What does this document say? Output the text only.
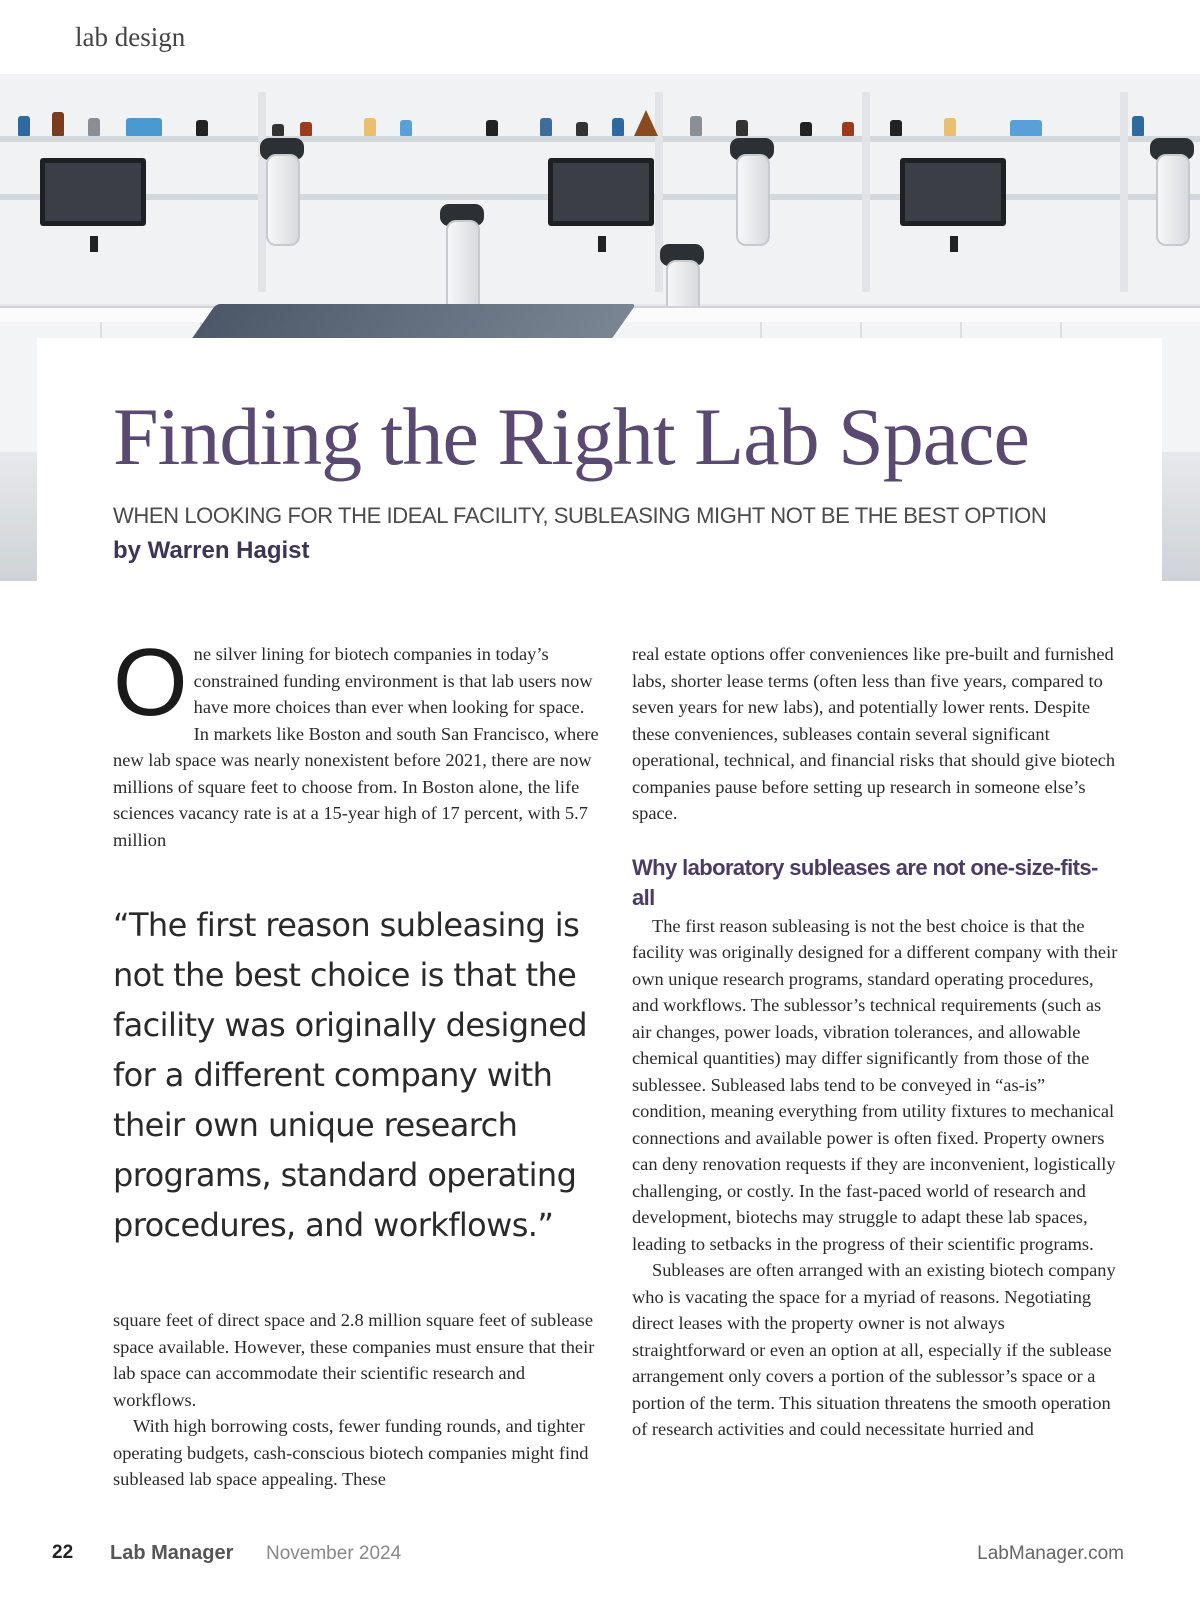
lab design
Finding the Right Lab Space
WHEN LOOKING FOR THE IDEAL FACILITY, SUBLEASING MIGHT NOT BE THE BEST OPTION
by Warren Hagist

One silver lining for biotech companies in today’s constrained funding environment is that lab users now have more choices than ever when looking for space. In markets like Boston and south San Francisco, where new lab space was nearly nonexistent before 2021, there are now millions of square feet to choose from. In Boston alone, the life sciences vacancy rate is at a 15-year high of 17 percent, with 5.7 million

“The first reason subleasing is not the best choice is that the facility was originally designed for a different company with their own unique research programs, standard operating procedures, and workflows.”

square feet of direct space and 2.8 million square feet of sublease space available. However, these companies must ensure that their lab space can accommodate their scientific research and workflows.

With high borrowing costs, fewer funding rounds, and tighter operating budgets, cash-conscious biotech companies might find subleased lab space appealing. These

real estate options offer conveniences like pre-built and furnished labs, shorter lease terms (often less than five years, compared to seven years for new labs), and potentially lower rents. Despite these conveniences, subleases contain several significant operational, technical, and financial risks that should give biotech companies pause before setting up research in someone else’s space.

Why laboratory subleases are not one-size-fits-all

The first reason subleasing is not the best choice is that the facility was originally designed for a different company with their own unique research programs, standard operating procedures, and workflows. The sublessor’s technical requirements (such as air changes, power loads, vibration tolerances, and allowable chemical quantities) may differ significantly from those of the sublessee. Subleased labs tend to be conveyed in “as-is” condition, meaning everything from utility fixtures to mechanical connections and available power is often fixed. Property owners can deny renovation requests if they are inconvenient, logistically challenging, or costly. In the fast-paced world of research and development, biotechs may struggle to adapt these lab spaces, leading to setbacks in the progress of their scientific programs.

Subleases are often arranged with an existing biotech company who is vacating the space for a myriad of reasons. Negotiating direct leases with the property owner is not always straightforward or even an option at all, especially if the sublease arrangement only covers a portion of the sublessor’s space or a portion of the term. This situation threatens the smooth operation of research activities and could necessitate hurried and

22 Lab Manager November 2024	LabManager.com
